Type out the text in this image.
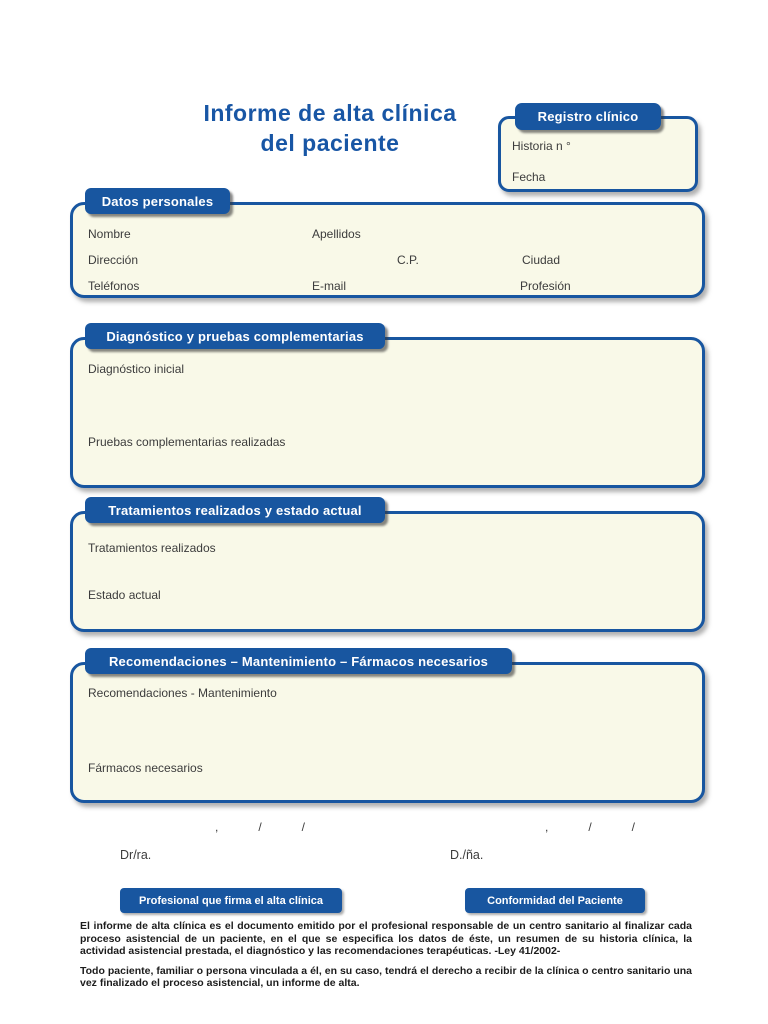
Informe de alta clínica
del paciente
Registro clínico
Historia n °
Fecha
Datos personales
Nombre	Apellidos
Dirección	C.P.	Ciudad
Teléfonos	E-mail	Profesión
Diagnóstico y pruebas complementarias
Diagnóstico inicial
Pruebas complementarias realizadas
Tratamientos realizados y estado actual
Tratamientos realizados
Estado actual
Recomendaciones – Mantenimiento – Fármacos necesarios
Recomendaciones - Mantenimiento
Fármacos necesarios
,            /            /	,            /            /
Dr/ra.	D./ña.
Profesional que firma el alta clínica	Conformidad del Paciente

El informe de alta clínica es el documento emitido por el profesional responsable de un centro sanitario al finalizar cada proceso asistencial de un paciente, en el que se especifica los datos de éste, un resumen de su historia clínica, la actividad asistencial prestada, el diagnóstico y las recomendaciones terapéuticas. -Ley 41/2002-

Todo paciente, familiar o persona vinculada a él, en su caso, tendrá el derecho a recibir de la clínica o centro sanitario una vez finalizado el proceso asistencial, un informe de alta.
